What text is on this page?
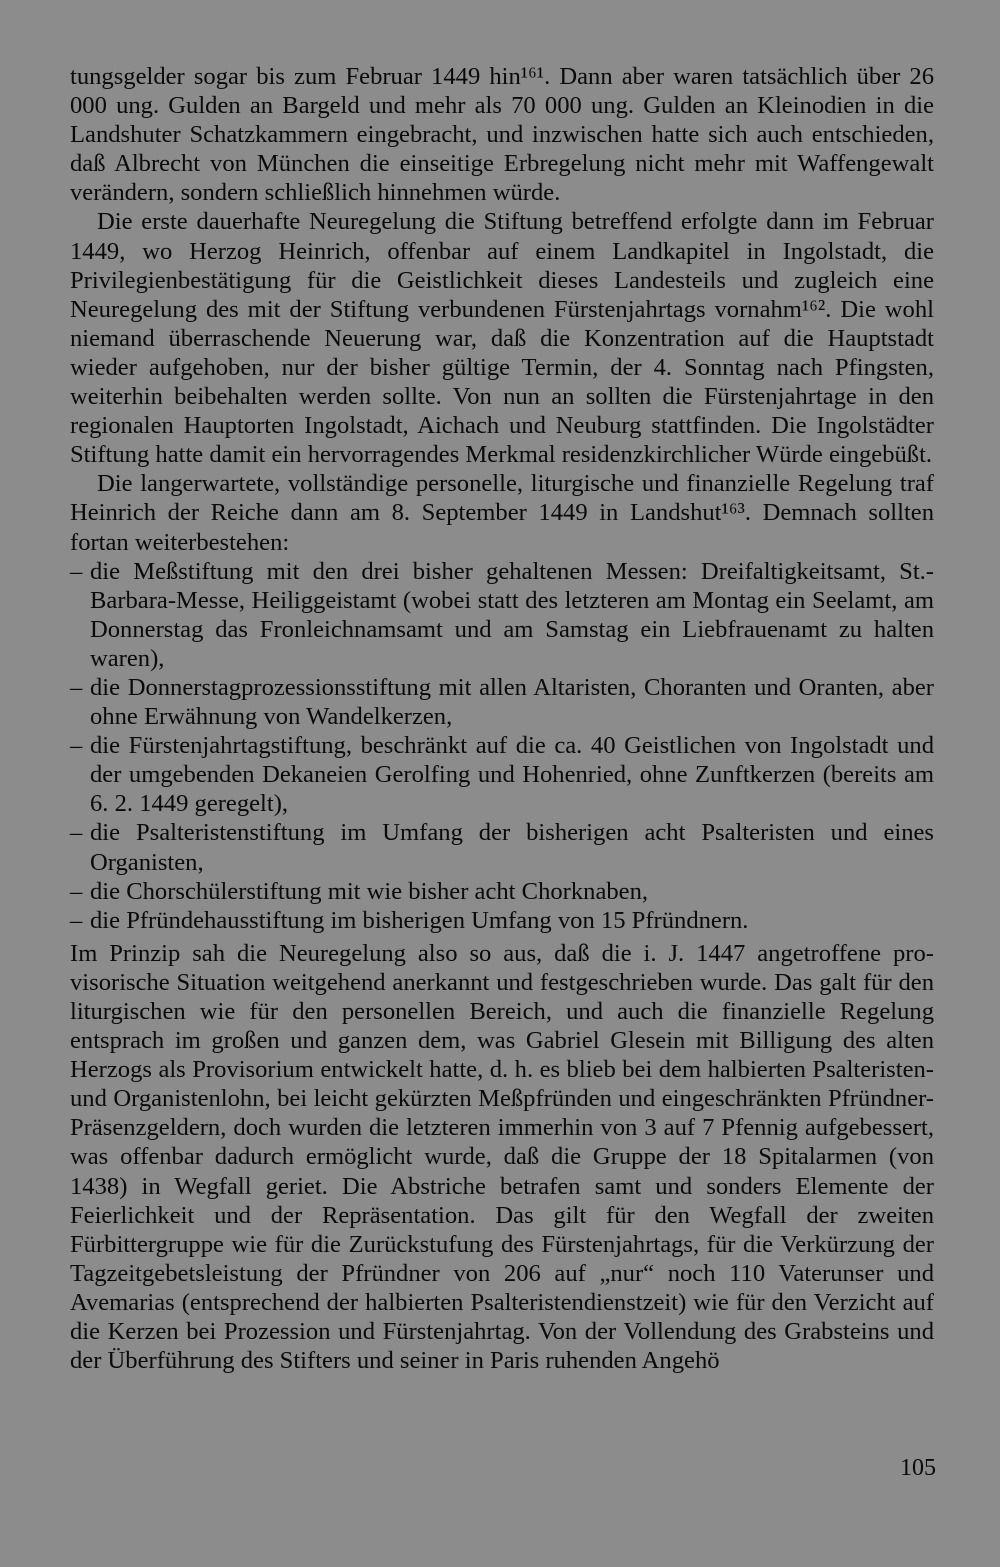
tungsgelder sogar bis zum Februar 1449 hin¹⁶¹. Dann aber waren tatsächlich über 26 000 ung. Gulden an Bargeld und mehr als 70 000 ung. Gulden an Kleinodien in die Landshuter Schatzkammern eingebracht, und inzwischen hatte sich auch entschieden, daß Albrecht von München die einseitige Erbregelung nicht mehr mit Waffengewalt verändern, sondern schließlich hinnehmen würde.

Die erste dauerhafte Neuregelung die Stiftung betreffend erfolgte dann im Februar 1449, wo Herzog Heinrich, offenbar auf einem Landkapitel in Ingolstadt, die Privilegienbestätigung für die Geistlichkeit dieses Landesteils und zugleich eine Neuregelung des mit der Stiftung verbundenen Fürstenjahrtags vornahm¹⁶². Die wohl niemand überraschende Neuerung war, daß die Konzentration auf die Hauptstadt wieder aufgehoben, nur der bisher gültige Termin, der 4. Sonntag nach Pfingsten, weiterhin beibehalten werden sollte. Von nun an sollten die Fürstenjahrtage in den regionalen Hauptorten Ingolstadt, Aichach und Neuburg stattfinden. Die Ingolstädter Stiftung hatte damit ein hervorragendes Merkmal residenzkirchlicher Würde eingebüßt.

Die langerwartete, vollständige personelle, liturgische und finanzielle Regelung traf Heinrich der Reiche dann am 8. September 1449 in Landshut¹⁶³. Demnach sollten fortan weiterbestehen:

– die Meßstiftung mit den drei bisher gehaltenen Messen: Dreifaltigkeitsamt, St.-Barbara-Messe, Heiliggeistamt (wobei statt des letzteren am Montag ein Seelamt, am Donnerstag das Fronleichnamsamt und am Samstag ein Liebfrauenamt zu halten waren),
– die Donnerstagprozessionsstiftung mit allen Altaristen, Choranten und Oranten, aber ohne Erwähnung von Wandelkerzen,
– die Fürstenjahrtagstiftung, beschränkt auf die ca. 40 Geistlichen von Ingolstadt und der umgebenden Dekaneien Gerolfing und Hohenried, ohne Zunftkerzen (bereits am 6. 2. 1449 geregelt),
– die Psalteristenstiftung im Umfang der bisherigen acht Psalteristen und eines Organisten,
– die Chorschülerstiftung mit wie bisher acht Chorknaben,
– die Pfründehausstiftung im bisherigen Umfang von 15 Pfründnern.

Im Prinzip sah die Neuregelung also so aus, daß die i. J. 1447 angetroffene provisorische Situation weitgehend anerkannt und festgeschrieben wurde. Das galt für den liturgischen wie für den personellen Bereich, und auch die finanzielle Regelung entsprach im großen und ganzen dem, was Gabriel Glesein mit Billigung des alten Herzogs als Provisorium entwickelt hatte, d. h. es blieb bei dem halbierten Psalteristen- und Organistenlohn, bei leicht gekürzten Meßpfründen und eingeschränkten Pfründner-Präsenzgeldern, doch wurden die letzteren immerhin von 3 auf 7 Pfennig aufgebessert, was offenbar dadurch ermöglicht wurde, daß die Gruppe der 18 Spitalarmen (von 1438) in Wegfall geriet. Die Abstriche betrafen samt und sonders Elemente der Feierlichkeit und der Repräsentation. Das gilt für den Wegfall der zweiten Fürbittergruppe wie für die Zurückstufung des Fürstenjahrtags, für die Verkürzung der Tagzeitgebetsleistung der Pfründner von 206 auf „nur“ noch 110 Vaterunser und Avemarias (entsprechend der halbierten Psalteristendienstzeit) wie für den Verzicht auf die Kerzen bei Prozession und Fürstenjahrtag. Von der Vollendung des Grabsteins und der Überführung des Stifters und seiner in Paris ruhenden Angehö

105
